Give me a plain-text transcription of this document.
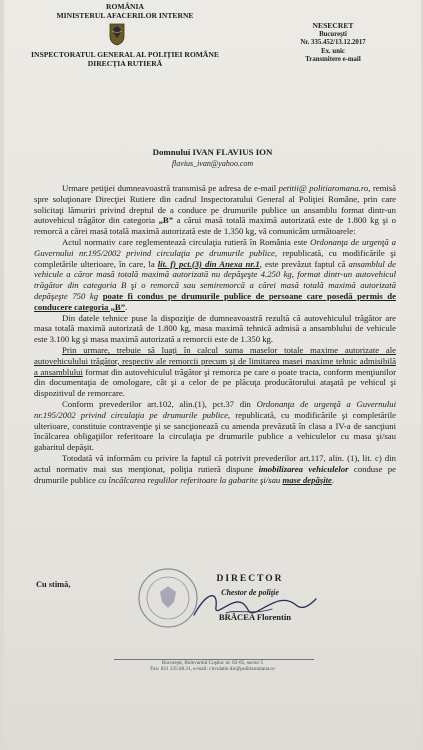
ROMÂNIA
MINISTERUL AFACERILOR INTERNE
INSPECTORATUL GENERAL AL POLIŢIEI ROMÂNE
DIRECŢIA RUTIERĂ
NESECRET
Bucureşti
Nr. 335.452/13.12.2017
Ex. unic
Transmitere e-mail
Domnului IVAN FLAVIUS ION
flavius_ivan@yahoo.com

Urmare petiţiei dumneavoastră transmisă pe adresa de e-mail petitii@ politiaromana.ro, remisă spre soluţionare Direcţiei Rutiere din cadrul Inspectoratului General al Poliţiei Române, prin care solicitaţi lămuriri privind dreptul de a conduce pe drumurile publice un ansamblu format dintr-un autovehicul trăgător din categoria „B” a cărui masă totală maximă autorizată este de 1.800 kg şi o remorcă a cărei masă totală maximă autorizată este de 1.350 kg, vă comunicăm următoarele:

Actul normativ care reglementează circulaţia rutieră în România este Ordonanţa de urgenţă a Guvernului nr.195/2002 privind circulaţia pe drumurile publice, republicată, cu modificările şi completările ulterioare, în care, la lit. f) pct.(3) din Anexa nr.1, este prevăzut faptul că ansamblul de vehicule a căror masă totală maximă autorizată nu depăşeşte 4.250 kg, format dintr-un autovehicul trăgător din categoria B şi o remorcă sau semiremorcă a cărei masă totală maximă autorizată depăşeşte 750 kg poate fi condus pe drumurile publice de persoane care posedă permis de conducere categoria „B”.

Din datele tehnice puse la dispoziţie de dumneavoastră rezultă că autovehiculul trăgător are masa totală maximă autorizată de 1.800 kg, masa maximă tehnică admisă a ansamblului de vehicule este 3.100 kg şi masa maximă autorizată a remorcii este de 1.350 kg.

Prin urmare, trebuie să luaţi în calcul suma maselor totale maxime autorizate ale autovehiculului trăgător, respectiv ale remorcii precum şi de limitarea masei maxime tehnic admisibilă a ansamblului format din autovehiculul trăgător şi remorca pe care o poate tracta, conform menţiunilor din documentaţia de omologare, cât şi a celor de pe plăcuţa producătorului ataşată pe vehicul şi dispozitivul de remorcare.

Conform prevederilor art.102, alin.(1), pct.37 din Ordonanţa de urgenţă a Guvernului nr.195/2002 privind circulaţia pe drumurile publice, republicată, cu modificările şi completările ulterioare, constituie contravenţie şi se sancţionează cu amenda prevăzută în clasa a IV-a de sancţiuni încălcarea obligaţiilor referitoare la circulaţia pe drumurile publice a vehiculelor cu masa şi/sau gabaritul depăşit.

Totodată vă informăm cu privire la faptul că potrivit prevederilor art.117, alin. (1), lit. c) din actul normativ mai sus menţionat, poliţia rutieră dispune imobilizarea vehiculelor conduse pe drumurile publice cu încălcarea regulilor referitoare la gabarite şi/sau mase depăşite.

Cu stimă,
DIRECTOR
Chestor de poliţie
BRĂCEA Florentin
Bucureşti, Bulevardul Coşbuc nr. 83-85, sector 5
Fax: 021 335.08.31, e-mail: circulatie.dir@politiaromana.ro
